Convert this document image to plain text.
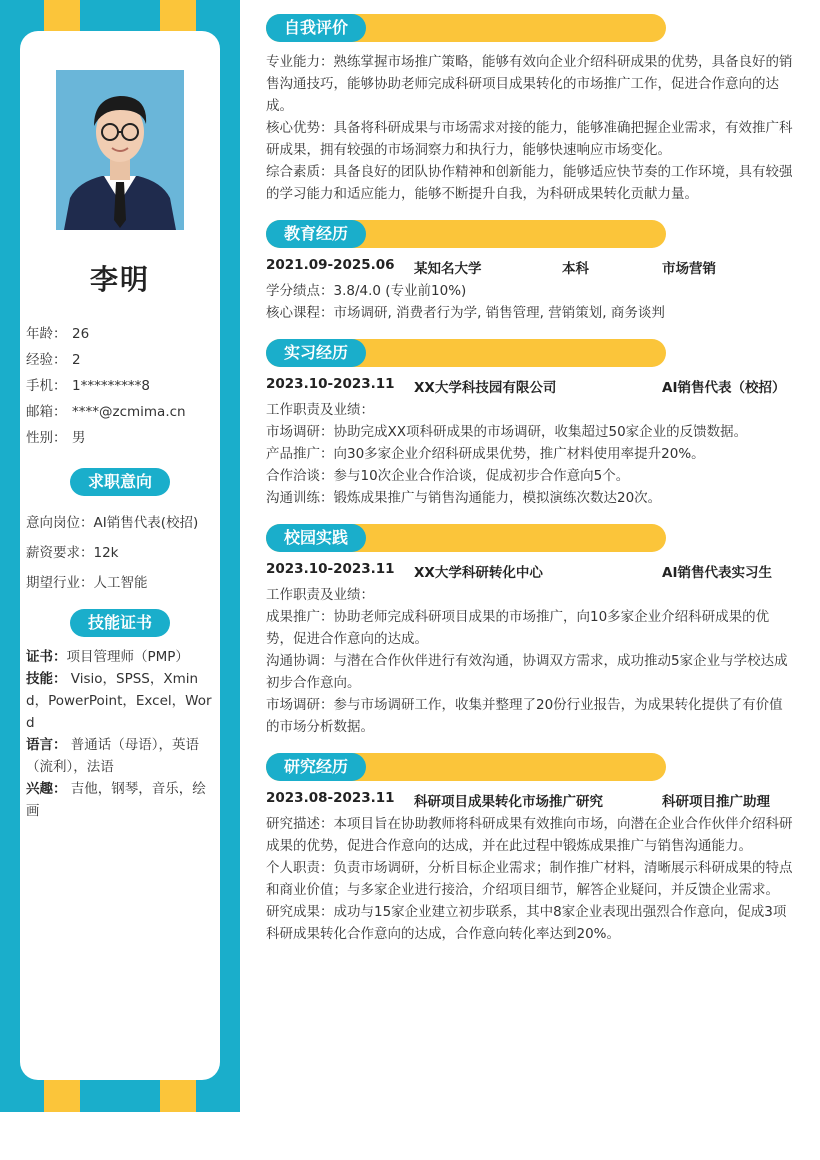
李明
年龄： 26
经验： 2
手机： 1*********8
邮箱： ****@zcmima.cn
性别： 男
求职意向
意向岗位：AI销售代表(校招)
薪资要求：12k
期望行业：人工智能
技能证书

证书：项目管理师（PMP）

技能： Visio，SPSS，Xmind，PowerPoint，Excel，Word

语言： 普通话（母语），英语（流利），法语

兴趣： 吉他，钢琴，音乐，绘画

自我评价

专业能力：熟练掌握市场推广策略，能够有效向企业介绍科研成果的优势，具备良好的销售沟通技巧，能够协助老师完成科研项目成果转化的市场推广工作，促进合作意向的达成。

核心优势：具备将科研成果与市场需求对接的能力，能够准确把握企业需求，有效推广科研成果，拥有较强的市场洞察力和执行力，能够快速响应市场变化。

综合素质：具备良好的团队协作精神和创新能力，能够适应快节奏的工作环境，具有较强的学习能力和适应能力，能够不断提升自我，为科研成果转化贡献力量。

教育经历
2021.09-2025.06 某知名大学	本科	市场营销

学分绩点：3.8/4.0 (专业前10%)

核心课程：市场调研, 消费者行为学, 销售管理, 营销策划, 商务谈判

实习经历
2023.10-2023.11 XX大学科技园有限公司	AI销售代表（校招）

工作职责及业绩：

市场调研：协助完成XX项科研成果的市场调研，收集超过50家企业的反馈数据。

产品推广：向30多家企业介绍科研成果优势，推广材料使用率提升20%。

合作洽谈：参与10次企业合作洽谈，促成初步合作意向5个。

沟通训练：锻炼成果推广与销售沟通能力，模拟演练次数达20次。

校园实践
2023.10-2023.11 XX大学科研转化中心	AI销售代表实习生

工作职责及业绩：

成果推广：协助老师完成科研项目成果的市场推广，向10多家企业介绍科研成果的优势，促进合作意向的达成。

沟通协调：与潜在合作伙伴进行有效沟通，协调双方需求，成功推动5家企业与学校达成初步合作意向。

市场调研：参与市场调研工作，收集并整理了20份行业报告，为成果转化提供了有价值的市场分析数据。

研究经历
2023.08-2023.11 科研项目成果转化市场推广研究	科研项目推广助理

研究描述：本项目旨在协助教师将科研成果有效推向市场，向潜在企业合作伙伴介绍科研成果的优势，促进合作意向的达成，并在此过程中锻炼成果推广与销售沟通能力。

个人职责：负责市场调研，分析目标企业需求；制作推广材料，清晰展示科研成果的特点和商业价值；与多家企业进行接洽，介绍项目细节，解答企业疑问，并反馈企业需求。

研究成果：成功与15家企业建立初步联系，其中8家企业表现出强烈合作意向，促成3项科研成果转化合作意向的达成，合作意向转化率达到20%。
